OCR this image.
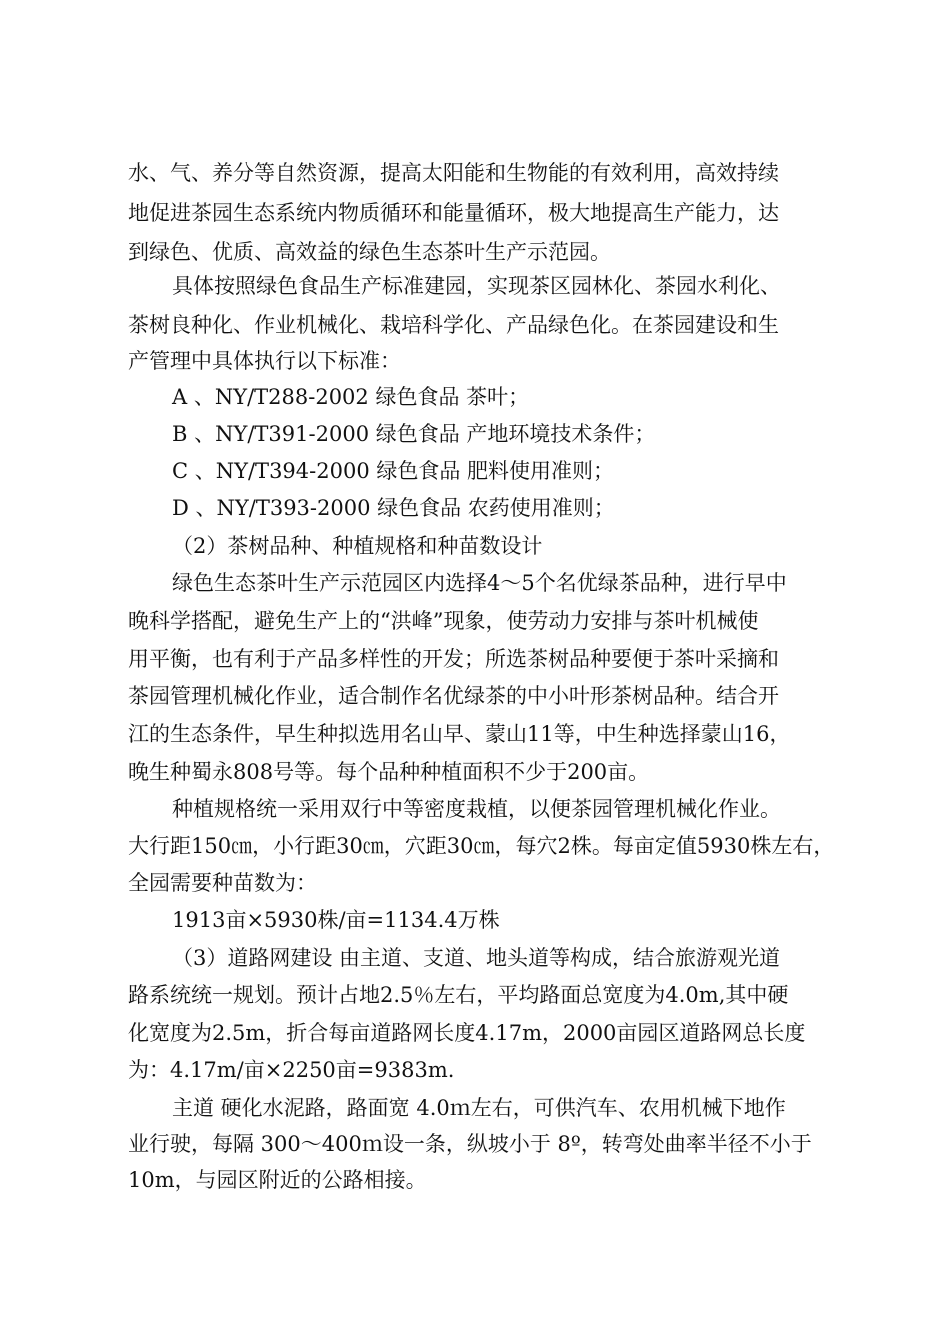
水、气、养分等自然资源，提高太阳能和生物能的有效利用，高效持续
地促进茶园生态系统内物质循环和能量循环，极大地提高生产能力，达
到绿色、优质、高效益的绿色生态茶叶生产示范园。
具体按照绿色食品生产标准建园，实现茶区园林化、茶园水利化、
茶树良种化、作业机械化、栽培科学化、产品绿色化。在茶园建设和生
产管理中具体执行以下标准：
A 、NY/T288-2002 绿色食品 茶叶；
B 、NY/T391-2000 绿色食品 产地环境技术条件；
C 、NY/T394-2000 绿色食品 肥料使用准则；
D 、NY/T393-2000 绿色食品 农药使用准则；
（2）茶树品种、种植规格和种苗数设计
绿色生态茶叶生产示范园区内选择4～5个名优绿茶品种，进行早中
晚科学搭配，避免生产上的“洪峰”现象，使劳动力安排与茶叶机械使
用平衡，也有利于产品多样性的开发；所选茶树品种要便于茶叶采摘和
茶园管理机械化作业，适合制作名优绿茶的中小叶形茶树品种。结合开
江的生态条件，早生种拟选用名山早、蒙山11等，中生种选择蒙山16，
晚生种蜀永808号等。每个品种种植面积不少于200亩。
种植规格统一采用双行中等密度栽植，以便茶园管理机械化作业。
大行距150㎝，小行距30㎝，穴距30㎝，每穴2株。每亩定值5930株左右，
全园需要种苗数为：
1913亩×5930株/亩=1134.4万株
（3）道路网建设 由主道、支道、地头道等构成，结合旅游观光道
路系统统一规划。预计占地2.5％左右，平均路面总宽度为4.0m,其中硬
化宽度为2.5m，折合每亩道路网长度4.17m，2000亩园区道路网总长度
为：4.17m/亩×2250亩=9383m.
主道 硬化水泥路，路面宽 4.0ｍ左右，可供汽车、农用机械下地作
业行驶，每隔 300～400ｍ设一条，纵坡小于 8º，转弯处曲率半径不小于
10m，与园区附近的公路相接。
